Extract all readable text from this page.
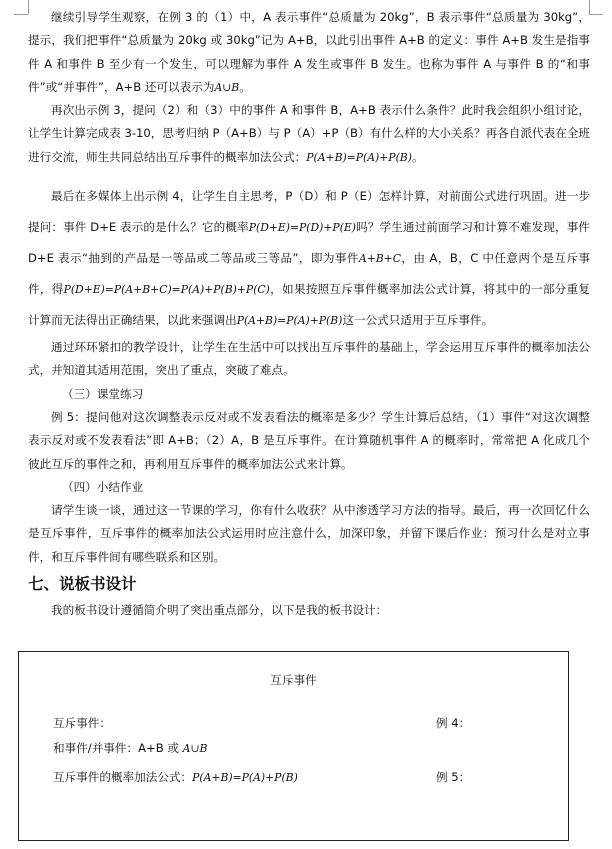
继续引导学生观察，在例 3 的（1）中，A 表示事件“总质量为 20kg”，B 表示事件“总质量为 30kg”，提示，我们把事件“总质量为 20kg 或 30kg”记为 A+B，以此引出事件 A+B 的定义：事件 A+B 发生是指事件 A 和事件 B 至少有一个发生，可以理解为事件 A 发生或事件 B 发生。也称为事件 A 与事件 B 的“和事件”或“并事件”，A+B 还可以表示为A∪B。

再次出示例 3，提问（2）和（3）中的事件 A 和事件 B，A+B 表示什么条件？此时我会组织小组讨论，让学生计算完成表 3-10，思考归纳 P（A+B）与 P（A）+P（B）有什么样的大小关系？再各自派代表在全班进行交流，师生共同总结出互斥事件的概率加法公式：P(A+B)=P(A)+P(B)。

最后在多媒体上出示例 4，让学生自主思考，P（D）和 P（E）怎样计算，对前面公式进行巩固。进一步提问：事件 D+E 表示的是什么？它的概率P(D+E)=P(D)+P(E)吗？学生通过前面学习和计算不难发现，事件 D+E 表示“抽到的产品是一等品或二等品或三等品”，即为事件A+B+C，由 A，B，C 中任意两个是互斥事件，得P(D+E)=P(A+B+C)=P(A)+P(B)+P(C)，如果按照互斥事件概率加法公式计算，将其中的一部分重复计算而无法得出正确结果，以此来强调出P(A+B)=P(A)+P(B)这一公式只适用于互斥事件。

通过环环紧扣的教学设计，让学生在生活中可以找出互斥事件的基础上，学会运用互斥事件的概率加法公式，并知道其适用范围，突出了重点，突破了难点。

（三）课堂练习

例 5：提问他对这次调整表示反对或不发表看法的概率是多少？学生计算后总结，（1）事件“对这次调整表示反对或不发表看法”即 A+B；（2）A，B 是互斥事件。在计算随机事件 A 的概率时，常常把 A 化成几个彼此互斥的事件之和，再利用互斥事件的概率加法公式来计算。

（四）小结作业

请学生谈一谈，通过这一节课的学习，你有什么收获？从中渗透学习方法的指导。最后，再一次回忆什么是互斥事件，互斥事件的概率加法公式运用时应注意什么，加深印象，并留下课后作业：预习什么是对立事件，和互斥事件间有哪些联系和区别。

七、说板书设计

我的板书设计遵循简介明了突出重点部分，以下是我的板书设计：

互斥事件
互斥事件：	例 4：
和事件/并事件：A+B 或 A∪B
互斥事件的概率加法公式：P(A+B)=P(A)+P(B)	例 5：
